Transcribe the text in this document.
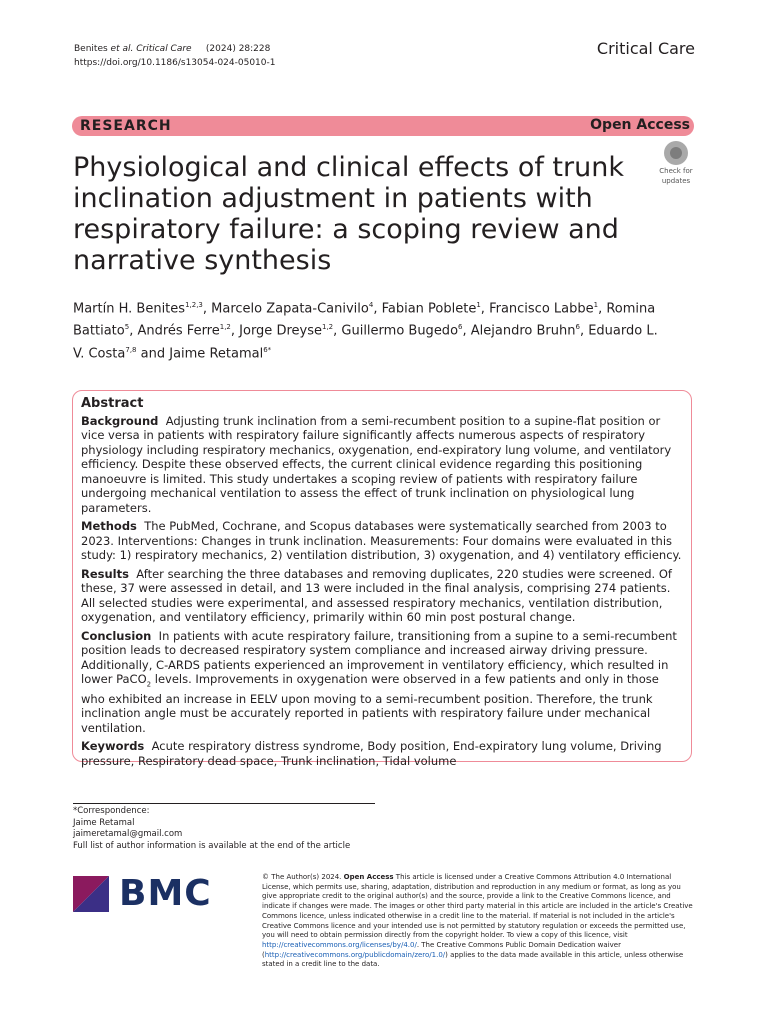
Benites et al. Critical Care (2024) 28:228
https://doi.org/10.1186/s13054-024-05010-1
Critical Care
RESEARCH	Open Access
Physiological and clinical effects of trunk inclination adjustment in patients with respiratory failure: a scoping review and narrative synthesis
Check for
updates
Martín H. Benites$^{1,2,3}$, Marcelo Zapata-Canivilo$^4$, Fabian Poblete$^1$, Francisco Labbe$^1$, Romina Battiato$^5$, Andrés Ferre$^{1,2}$, Jorge Dreyse$^{1,2}$, Guillermo Bugedo$^6$, Alejandro Bruhn$^6$, Eduardo L. V. Costa$^{7,8}$ and Jaime Retamal$^{6*}$
Abstract

Background Adjusting trunk inclination from a semi-recumbent position to a supine-flat position or vice versa in patients with respiratory failure significantly affects numerous aspects of respiratory physiology including respiratory mechanics, oxygenation, end-expiratory lung volume, and ventilatory efficiency. Despite these observed effects, the current clinical evidence regarding this positioning manoeuvre is limited. This study undertakes a scoping review of patients with respiratory failure undergoing mechanical ventilation to assess the effect of trunk inclination on physiological lung parameters.

Methods The PubMed, Cochrane, and Scopus databases were systematically searched from 2003 to 2023. Interventions: Changes in trunk inclination. Measurements: Four domains were evaluated in this study: 1) respiratory mechanics, 2) ventilation distribution, 3) oxygenation, and 4) ventilatory efficiency.

Results After searching the three databases and removing duplicates, 220 studies were screened. Of these, 37 were assessed in detail, and 13 were included in the final analysis, comprising 274 patients. All selected studies were experimental, and assessed respiratory mechanics, ventilation distribution, oxygenation, and ventilatory efficiency, primarily within 60 min post postural change.

Conclusion In patients with acute respiratory failure, transitioning from a supine to a semi-recumbent position leads to decreased respiratory system compliance and increased airway driving pressure. Additionally, C-ARDS patients experienced an improvement in ventilatory efficiency, which resulted in lower PaCO$_2$ levels. Improvements in oxygenation were observed in a few patients and only in those who exhibited an increase in EELV upon moving to a semi-recumbent position. Therefore, the trunk inclination angle must be accurately reported in patients with respiratory failure under mechanical ventilation.

Keywords Acute respiratory distress syndrome, Body position, End-expiratory lung volume, Driving pressure, Respiratory dead space, Trunk inclination, Tidal volume

*Correspondence:
Jaime Retamal
jaimeretamal@gmail.com
Full list of author information is available at the end of the article
BMC	© The Author(s) 2024. Open Access This article is licensed under a Creative Commons Attribution 4.0 International License, which permits use, sharing, adaptation, distribution and reproduction in any medium or format, as long as you give appropriate credit to the original author(s) and the source, provide a link to the Creative Commons licence, and indicate if changes were made. The images or other third party material in this article are included in the article's Creative Commons licence, unless indicated otherwise in a credit line to the material. If material is not included in the article's Creative Commons licence and your intended use is not permitted by statutory regulation or exceeds the permitted use, you will need to obtain permission directly from the copyright holder. To view a copy of this licence, visit http://creativecommons.org/licenses/by/4.0/. The Creative Commons Public Domain Dedication waiver (http://creativecommons.org/publicdomain/zero/1.0/) applies to the data made available in this article, unless otherwise stated in a credit line to the data.
